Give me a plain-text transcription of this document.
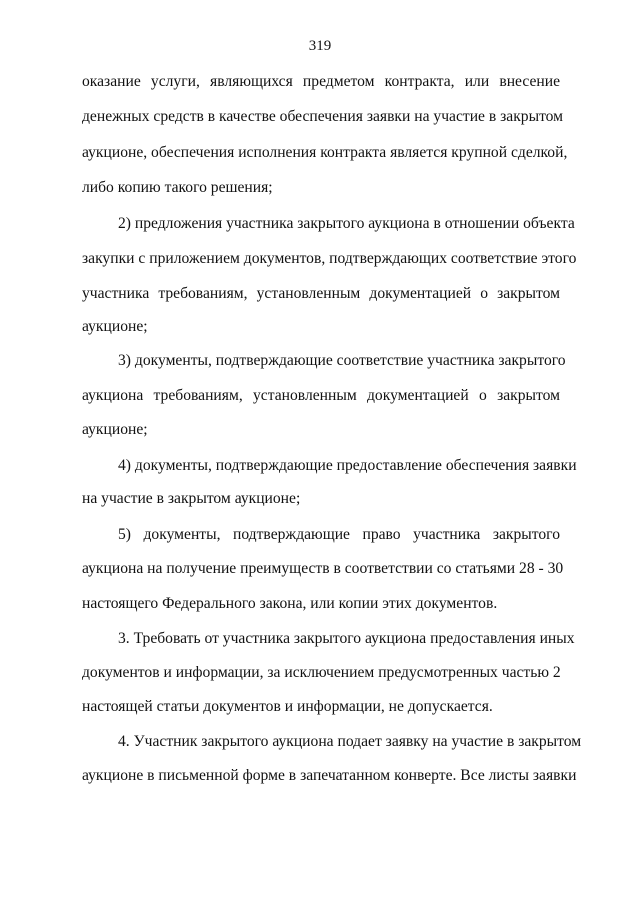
319
оказание услуги, являющихся предметом контракта, или внесение
денежных средств в качестве обеспечения заявки на участие в закрытом
аукционе, обеспечения исполнения контракта является крупной сделкой,
либо копию такого решения;
2) предложения участника закрытого аукциона в отношении объекта
закупки с приложением документов, подтверждающих соответствие этого
участника требованиям, установленным документацией о закрытом
аукционе;
3) документы, подтверждающие соответствие участника закрытого
аукциона требованиям, установленным документацией о закрытом
аукционе;
4) документы, подтверждающие предоставление обеспечения заявки
на участие в закрытом аукционе;
5) документы, подтверждающие право участника закрытого
аукциона на получение преимуществ в соответствии со статьями 28 - 30
настоящего Федерального закона, или копии этих документов.
3. Требовать от участника закрытого аукциона предоставления иных
документов и информации, за исключением предусмотренных частью 2
настоящей статьи документов и информации, не допускается.
4. Участник закрытого аукциона подает заявку на участие в закрытом
аукционе в письменной форме в запечатанном конверте. Все листы заявки
